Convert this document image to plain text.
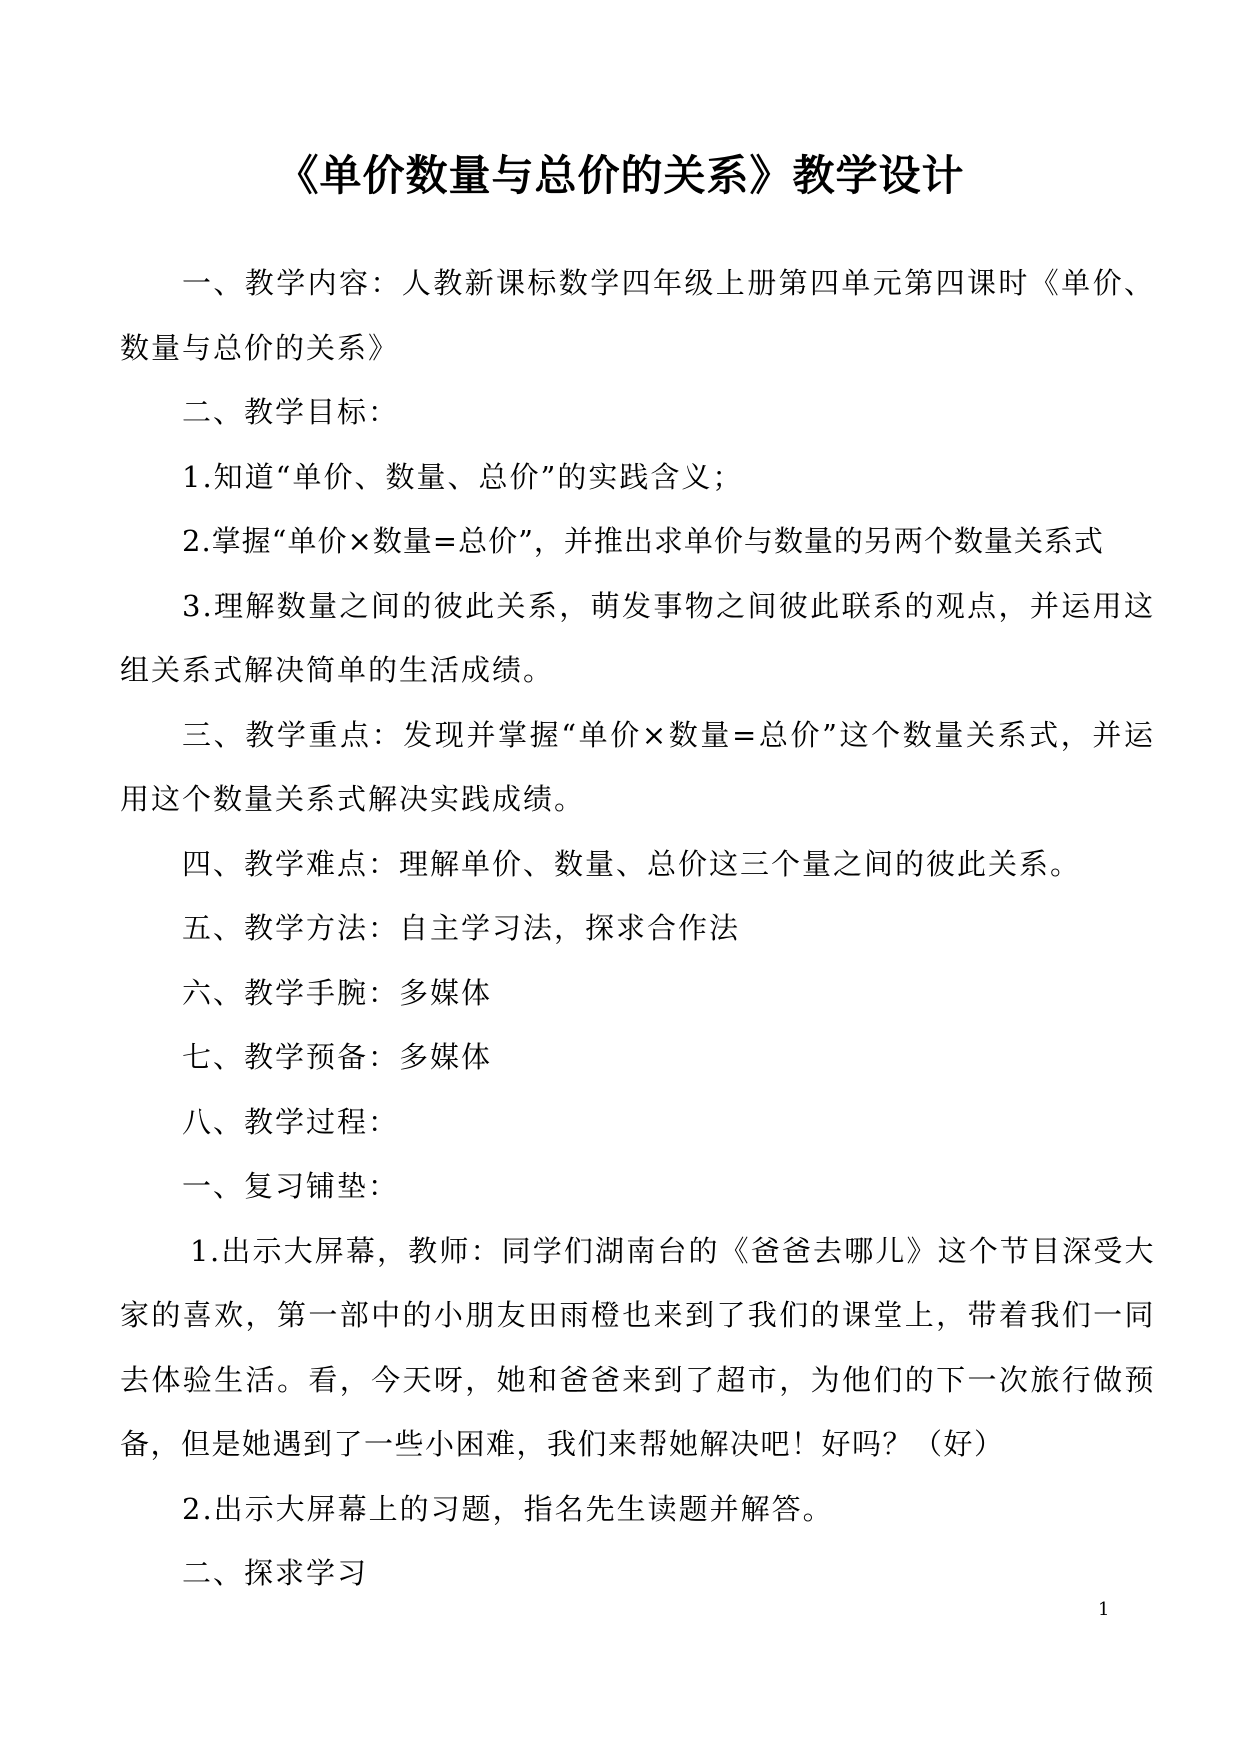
《单价数量与总价的关系》教学设计

一、教学内容：人教新课标数学四年级上册第四单元第四课时《单价、数量与总价的关系》

二、教学目标：

1.知道“单价、数量、总价”的实践含义；

2.掌握“单价×数量=总价”，并推出求单价与数量的另两个数量关系式

3.理解数量之间的彼此关系，萌发事物之间彼此联系的观点，并运用这组关系式解决简单的生活成绩。

三、教学重点：发现并掌握“单价×数量=总价”这个数量关系式，并运用这个数量关系式解决实践成绩。

四、教学难点：理解单价、数量、总价这三个量之间的彼此关系。

五、教学方法：自主学习法，探求合作法

六、教学手腕：多媒体

七、教学预备：多媒体

八、教学过程：

一、复习铺垫：

1.出示大屏幕，教师：同学们湖南台的《爸爸去哪儿》这个节目深受大家的喜欢，第一部中的小朋友田雨橙也来到了我们的课堂上，带着我们一同去体验生活。看，今天呀，她和爸爸来到了超市，为他们的下一次旅行做预备，但是她遇到了一些小困难，我们来帮她解决吧！好吗？（好）

2.出示大屏幕上的习题，指名先生读题并解答。

二、探求学习

1
